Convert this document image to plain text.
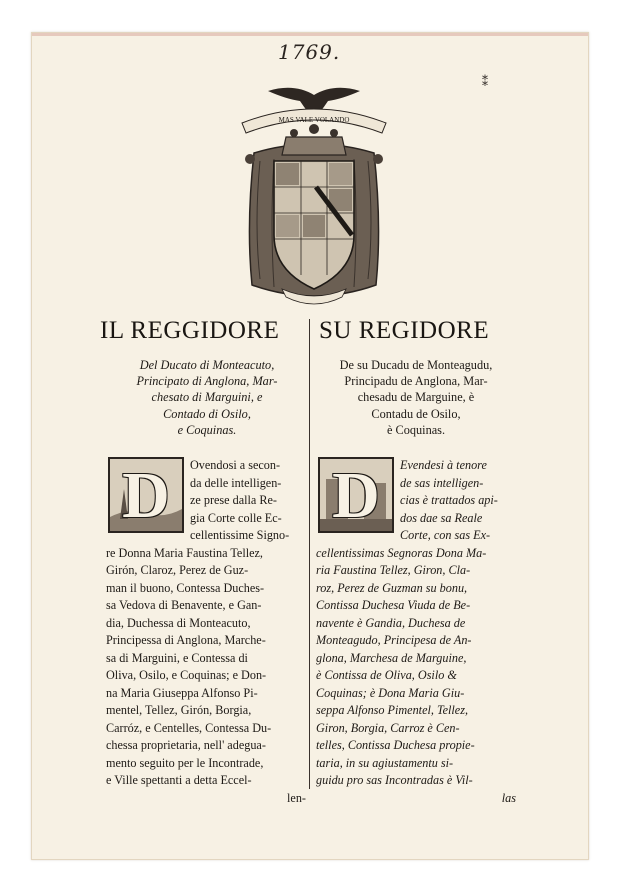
1769.
⁑
MAS VALE VOLANDO
IL REGGIDORE SU REGIDORE
Del Ducato di Monteacuto,
Principato di Anglona, Mar-
chesato di Marguini, e
Contado di Osilo,
e Coquinas.
De su Ducadu de Monteagudu,
Principadu de Anglona, Mar-
chesadu de Marguine, è
Contadu de Osilo,
è Coquinas.
D D
Ovendosi a secon-
da delle intelligen-
ze prese dalla Re-
gia Corte colle Ec-
cellentissime Signo-
re Donna Maria Faustina Tellez,
Girón, Claroz, Perez de Guz-
man il buono, Contessa Duches-
sa Vedova di Benavente, e Gan-
dia, Duchessa di Monteacuto,
Principessa di Anglona, Marche-
sa di Marguini, e Contessa di
Oliva, Osilo, e Coquinas; e Don-
na Maria Giuseppa Alfonso Pi-
mentel, Tellez, Girón, Borgia,
Carróz, e Centelles, Contessa Du-
chessa proprietaria, nell' adegua-
mento seguito per le Incontrade,
e Ville spettanti a detta Eccel-
len-
Evendesi à tenore
de sas intelligen-
cias è trattados api-
dos dae sa Reale
Corte, con sas Ex-
cellentissimas Segnoras Dona Ma-
ria Faustina Tellez, Giron, Cla-
roz, Perez de Guzman su bonu,
Contissa Duchesa Viuda de Be-
navente è Gandia, Duchesa de
Monteagudo, Principesa de An-
glona, Marchesa de Marguine,
è Contissa de Oliva, Osilo &
Coquinas; è Dona Maria Giu-
seppa Alfonso Pimentel, Tellez,
Giron, Borgia, Carroz è Cen-
telles, Contissa Duchesa propie-
taria, in su agiustamentu si-
guidu pro sas Incontradas è Vil-
las
